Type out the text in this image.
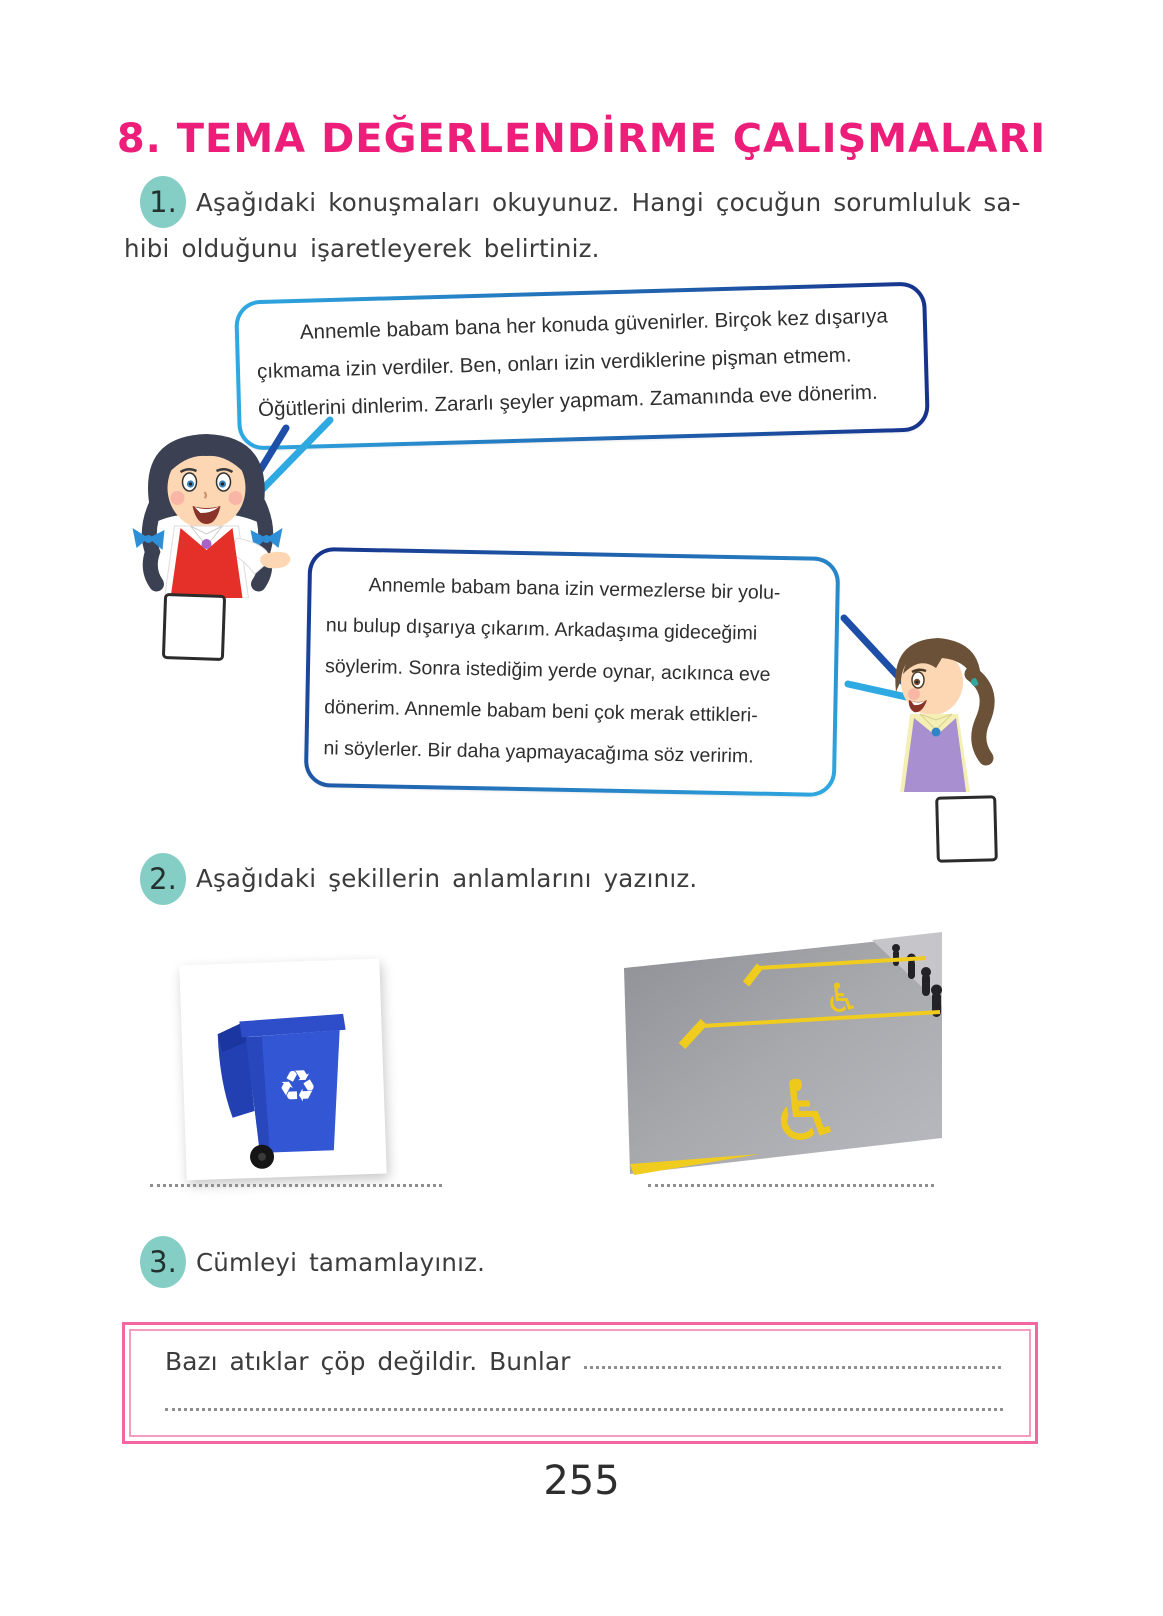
8. TEMA DEĞERLENDİRME ÇALIŞMALARI
1. Aşağıdaki konuşmaları okuyunuz. Hangi çocuğun sorumluluk sa-
hibi olduğunu işaretleyerek belirtiniz.
Annemle babam bana her konuda güvenirler. Birçok kez dışarıya
çıkmama izin verdiler. Ben, onları izin verdiklerine pişman etmem.
Öğütlerini dinlerim. Zararlı şeyler yapmam. Zamanında eve dönerim.
Annemle babam bana izin vermezlerse bir yolu-
nu bulup dışarıya çıkarım. Arkadaşıma gideceğimi
söylerim. Sonra istediğim yerde oynar, acıkınca eve
dönerim. Annemle babam beni çok merak ettikleri-
ni söylerler. Bir daha yapmayacağıma söz veririm.
2. Aşağıdaki şekillerin anlamlarını yazınız.
♻
♿
♿
3. Cümleyi tamamlayınız.
Bazı atıklar çöp değildir. Bunlar
255
